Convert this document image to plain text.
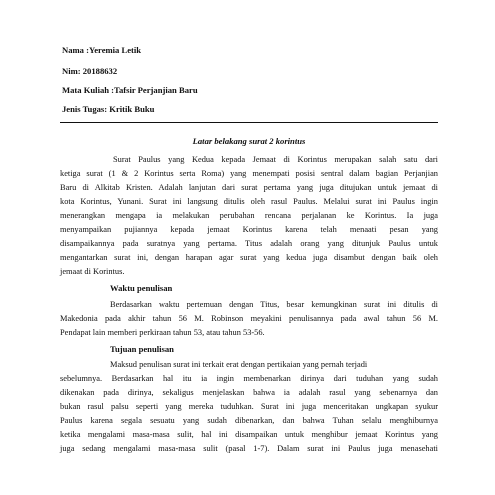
Nama :Yeremia Letik
Nim: 20188632
Mata Kuliah :Tafsir Perjanjian Baru
Jenis Tugas: Kritik Buku
Latar belakang surat 2 korintus
Surat Paulus yang Kedua kepada Jemaat di Korintus merupakan salah satu dari
ketiga surat (1 & 2 Korintus serta Roma) yang menempati posisi sentral dalam bagian Perjanjian
Baru di Alkitab Kristen. Adalah lanjutan dari surat pertama yang juga ditujukan untuk jemaat di
kota Korintus, Yunani. Surat ini langsung ditulis oleh rasul Paulus. Melalui surat ini Paulus ingin
menerangkan mengapa ia melakukan perubahan rencana perjalanan ke Korintus. Ia juga
menyampaikan pujiannya kepada jemaat Korintus karena telah menaati pesan yang
disampaikannya pada suratnya yang pertama. Titus adalah orang yang ditunjuk Paulus untuk
mengantarkan surat ini, dengan harapan agar surat yang kedua juga disambut dengan baik oleh
jemaat di Korintus.
Waktu penulisan
Berdasarkan waktu pertemuan dengan Titus, besar kemungkinan surat ini ditulis di
Makedonia pada akhir tahun 56 M. Robinson meyakini penulisannya pada awal tahun 56 M.
Pendapat lain memberi perkiraan tahun 53, atau tahun 53-56.
Tujuan penulisan
Maksud penulisan surat ini terkait erat dengan pertikaian yang pernah terjadi
sebelumnya. Berdasarkan hal itu ia ingin membenarkan dirinya dari tuduhan yang sudah
dikenakan pada dirinya, sekaligus menjelaskan bahwa ia adalah rasul yang sebenarnya dan
bukan rasul palsu seperti yang mereka tuduhkan. Surat ini juga menceritakan ungkapan syukur
Paulus karena segala sesuatu yang sudah dibenarkan, dan bahwa Tuhan selalu menghiburnya
ketika mengalami masa-masa sulit, hal ini disampaikan untuk menghibur jemaat Korintus yang
juga sedang mengalami masa-masa sulit (pasal 1-7). Dalam surat ini Paulus juga menasehati
